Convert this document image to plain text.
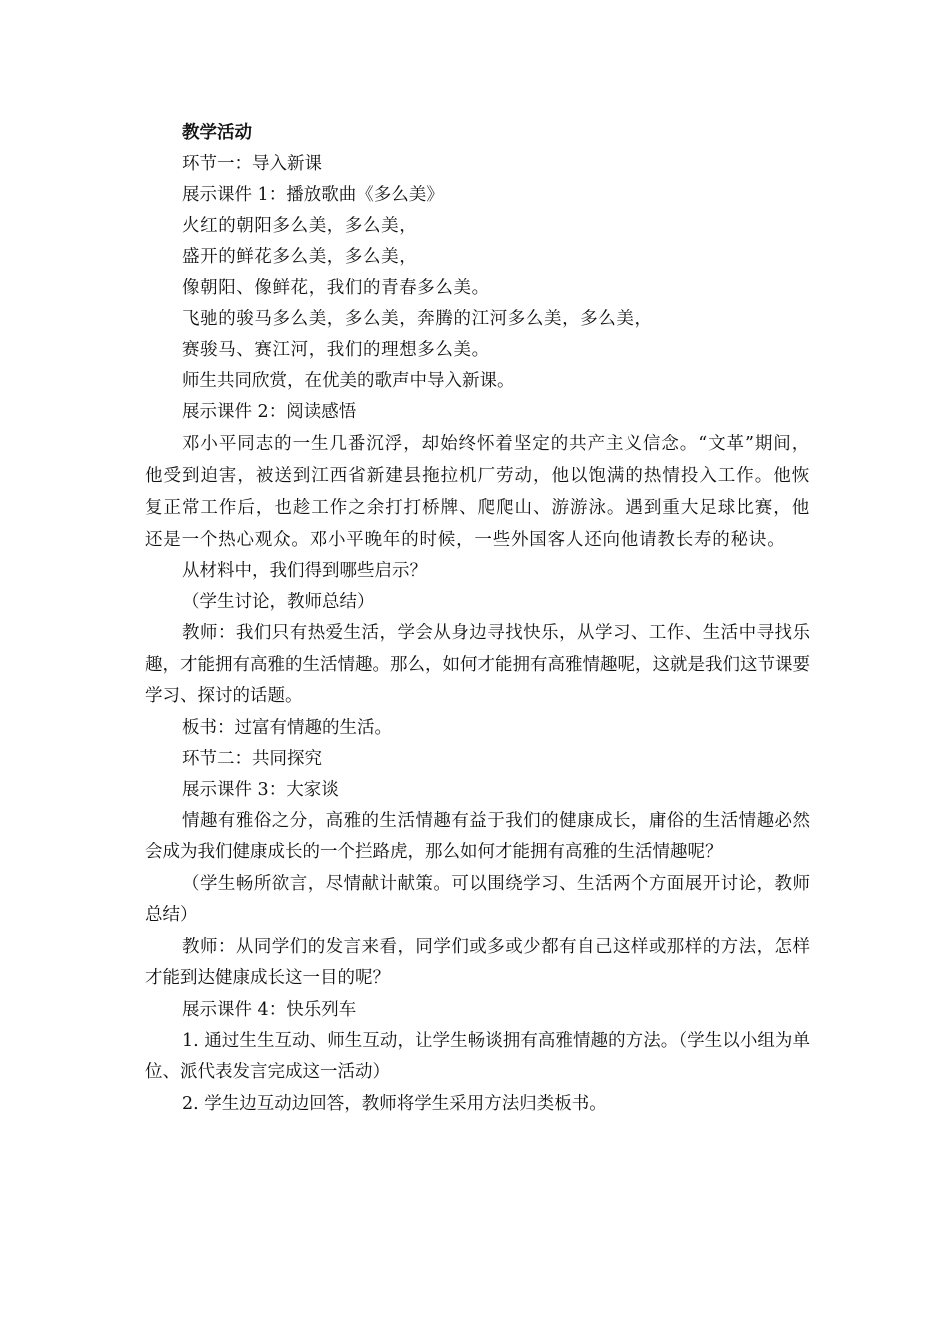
教学活动
环节一：导入新课
展示课件 1：播放歌曲《多么美》
火红的朝阳多么美，多么美，
盛开的鲜花多么美，多么美，
像朝阳、像鲜花，我们的青春多么美。
飞驰的骏马多么美，多么美，奔腾的江河多么美，多么美，
赛骏马、赛江河，我们的理想多么美。
师生共同欣赏，在优美的歌声中导入新课。
展示课件 2：阅读感悟

邓小平同志的一生几番沉浮，却始终怀着坚定的共产主义信念。“文革”期间，他受到迫害，被送到江西省新建县拖拉机厂劳动，他以饱满的热情投入工作。他恢复正常工作后，也趁工作之余打打桥牌、爬爬山、游游泳。遇到重大足球比赛，他还是一个热心观众。邓小平晚年的时候，一些外国客人还向他请教长寿的秘诀。

从材料中，我们得到哪些启示？
（学生讨论，教师总结）

教师：我们只有热爱生活，学会从身边寻找快乐，从学习、工作、生活中寻找乐趣，才能拥有高雅的生活情趣。那么，如何才能拥有高雅情趣呢，这就是我们这节课要学习、探讨的话题。

板书：过富有情趣的生活。
环节二：共同探究
展示课件 3：大家谈

情趣有雅俗之分，高雅的生活情趣有益于我们的健康成长，庸俗的生活情趣必然会成为我们健康成长的一个拦路虎，那么如何才能拥有高雅的生活情趣呢？

（学生畅所欲言，尽情献计献策。可以围绕学习、生活两个方面展开讨论，教师总结）

教师：从同学们的发言来看，同学们或多或少都有自己这样或那样的方法，怎样才能到达健康成长这一目的呢？

展示课件 4：快乐列车

1. 通过生生互动、师生互动，让学生畅谈拥有高雅情趣的方法。（学生以小组为单位、派代表发言完成这一活动）

2. 学生边互动边回答，教师将学生采用方法归类板书。
